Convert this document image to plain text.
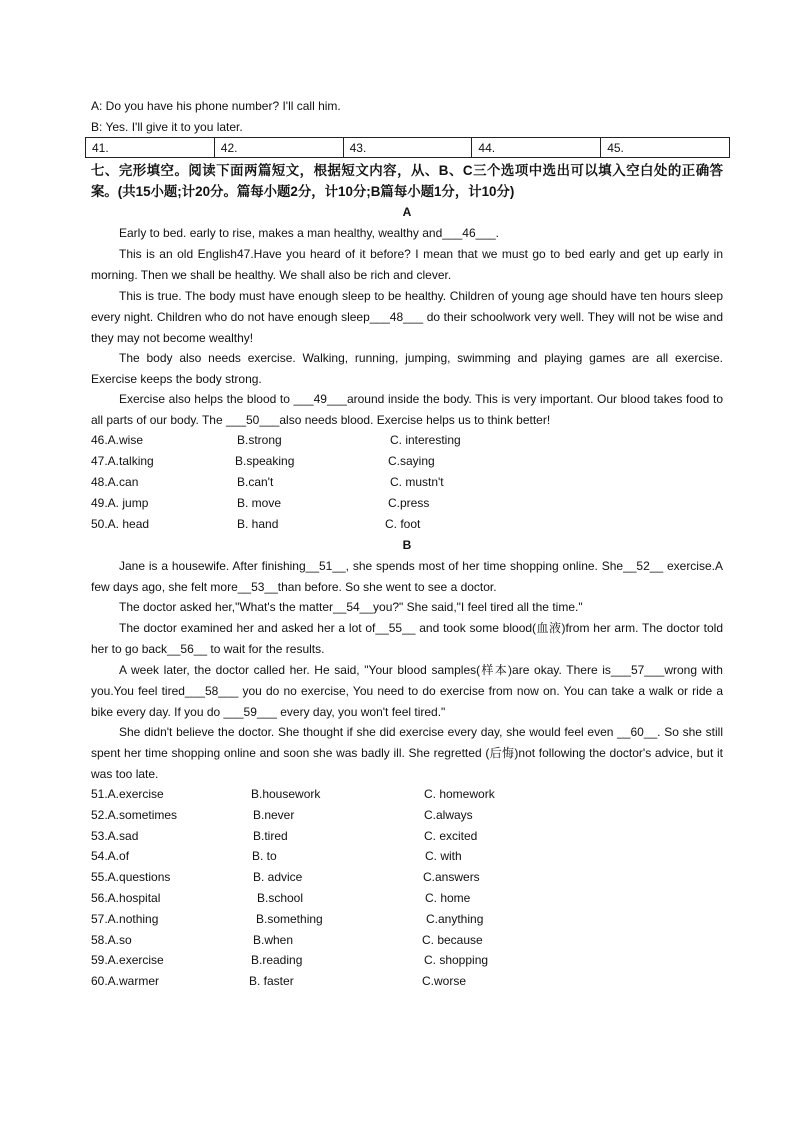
A: Do you have his phone number? I'll call him.
B: Yes. I'll give it to you later.
41.	42.	43.	44.	45.
七、完形填空。阅读下面两篇短文，根据短文内容，从、B、C三个选项中选出可以填入空白处的正确答案。(共15小题;计20分。篇每小题2分，计10分;B篇每小题1分，计10分)
A
Early to bed. early to rise, makes a man healthy, wealthy and___46___.
This is an old English47.Have you heard of it before? I mean that we must go to bed early and get up early in morning. Then we shall be healthy. We shall also be rich and clever.
This is true. The body must have enough sleep to be healthy. Children of young age should have ten hours sleep every night. Children who do not have enough sleep___48___ do their schoolwork very well. They will not be wise and they may not become wealthy!
The body also needs exercise. Walking, running, jumping, swimming and playing games are all exercise. Exercise keeps the body strong.
Exercise also helps the blood to ___49___around inside the body. This is very important. Our blood takes food to all parts of our body. The ___50___also needs blood. Exercise helps us to think better!
46.A.wise	B.strong	C. interesting
47.A.talking	B.speaking	C.saying
48.A.can	B.can't	C. mustn't
49.A. jump	B. move	C.press
50.A. head	B. hand	C. foot
B
Jane is a housewife. After finishing__51__, she spends most of her time shopping online. She__52__ exercise.A few days ago, she felt more__53__than before. So she went to see a doctor.
The doctor asked her,"What's the matter__54__you?" She said,"I feel tired all the time."
The doctor examined her and asked her a lot of__55__ and took some blood(血液)from her arm. The doctor told her to go back__56__ to wait for the results.
A week later, the doctor called her. He said, "Your blood samples(样本)are okay. There is___57___wrong with you.You feel tired___58___ you do no exercise, You need to do exercise from now on. You can take a walk or ride a bike every day. If you do ___59___ every day, you won't feel tired."
She didn't believe the doctor. She thought if she did exercise every day, she would feel even __60__. So she still spent her time shopping online and soon she was badly ill. She regretted (后悔)not following the doctor's advice, but it was too late.
51.A.exercise	B.housework	C. homework
52.A.sometimes	B.never	C.always
53.A.sad	B.tired	C. excited
54.A.of	B. to	C. with
55.A.questions	B. advice	C.answers
56.A.hospital	B.school	C. home
57.A.nothing	B.something	C.anything
58.A.so	B.when	C. because
59.A.exercise	B.reading	C. shopping
60.A.warmer	B. faster	C.worse
